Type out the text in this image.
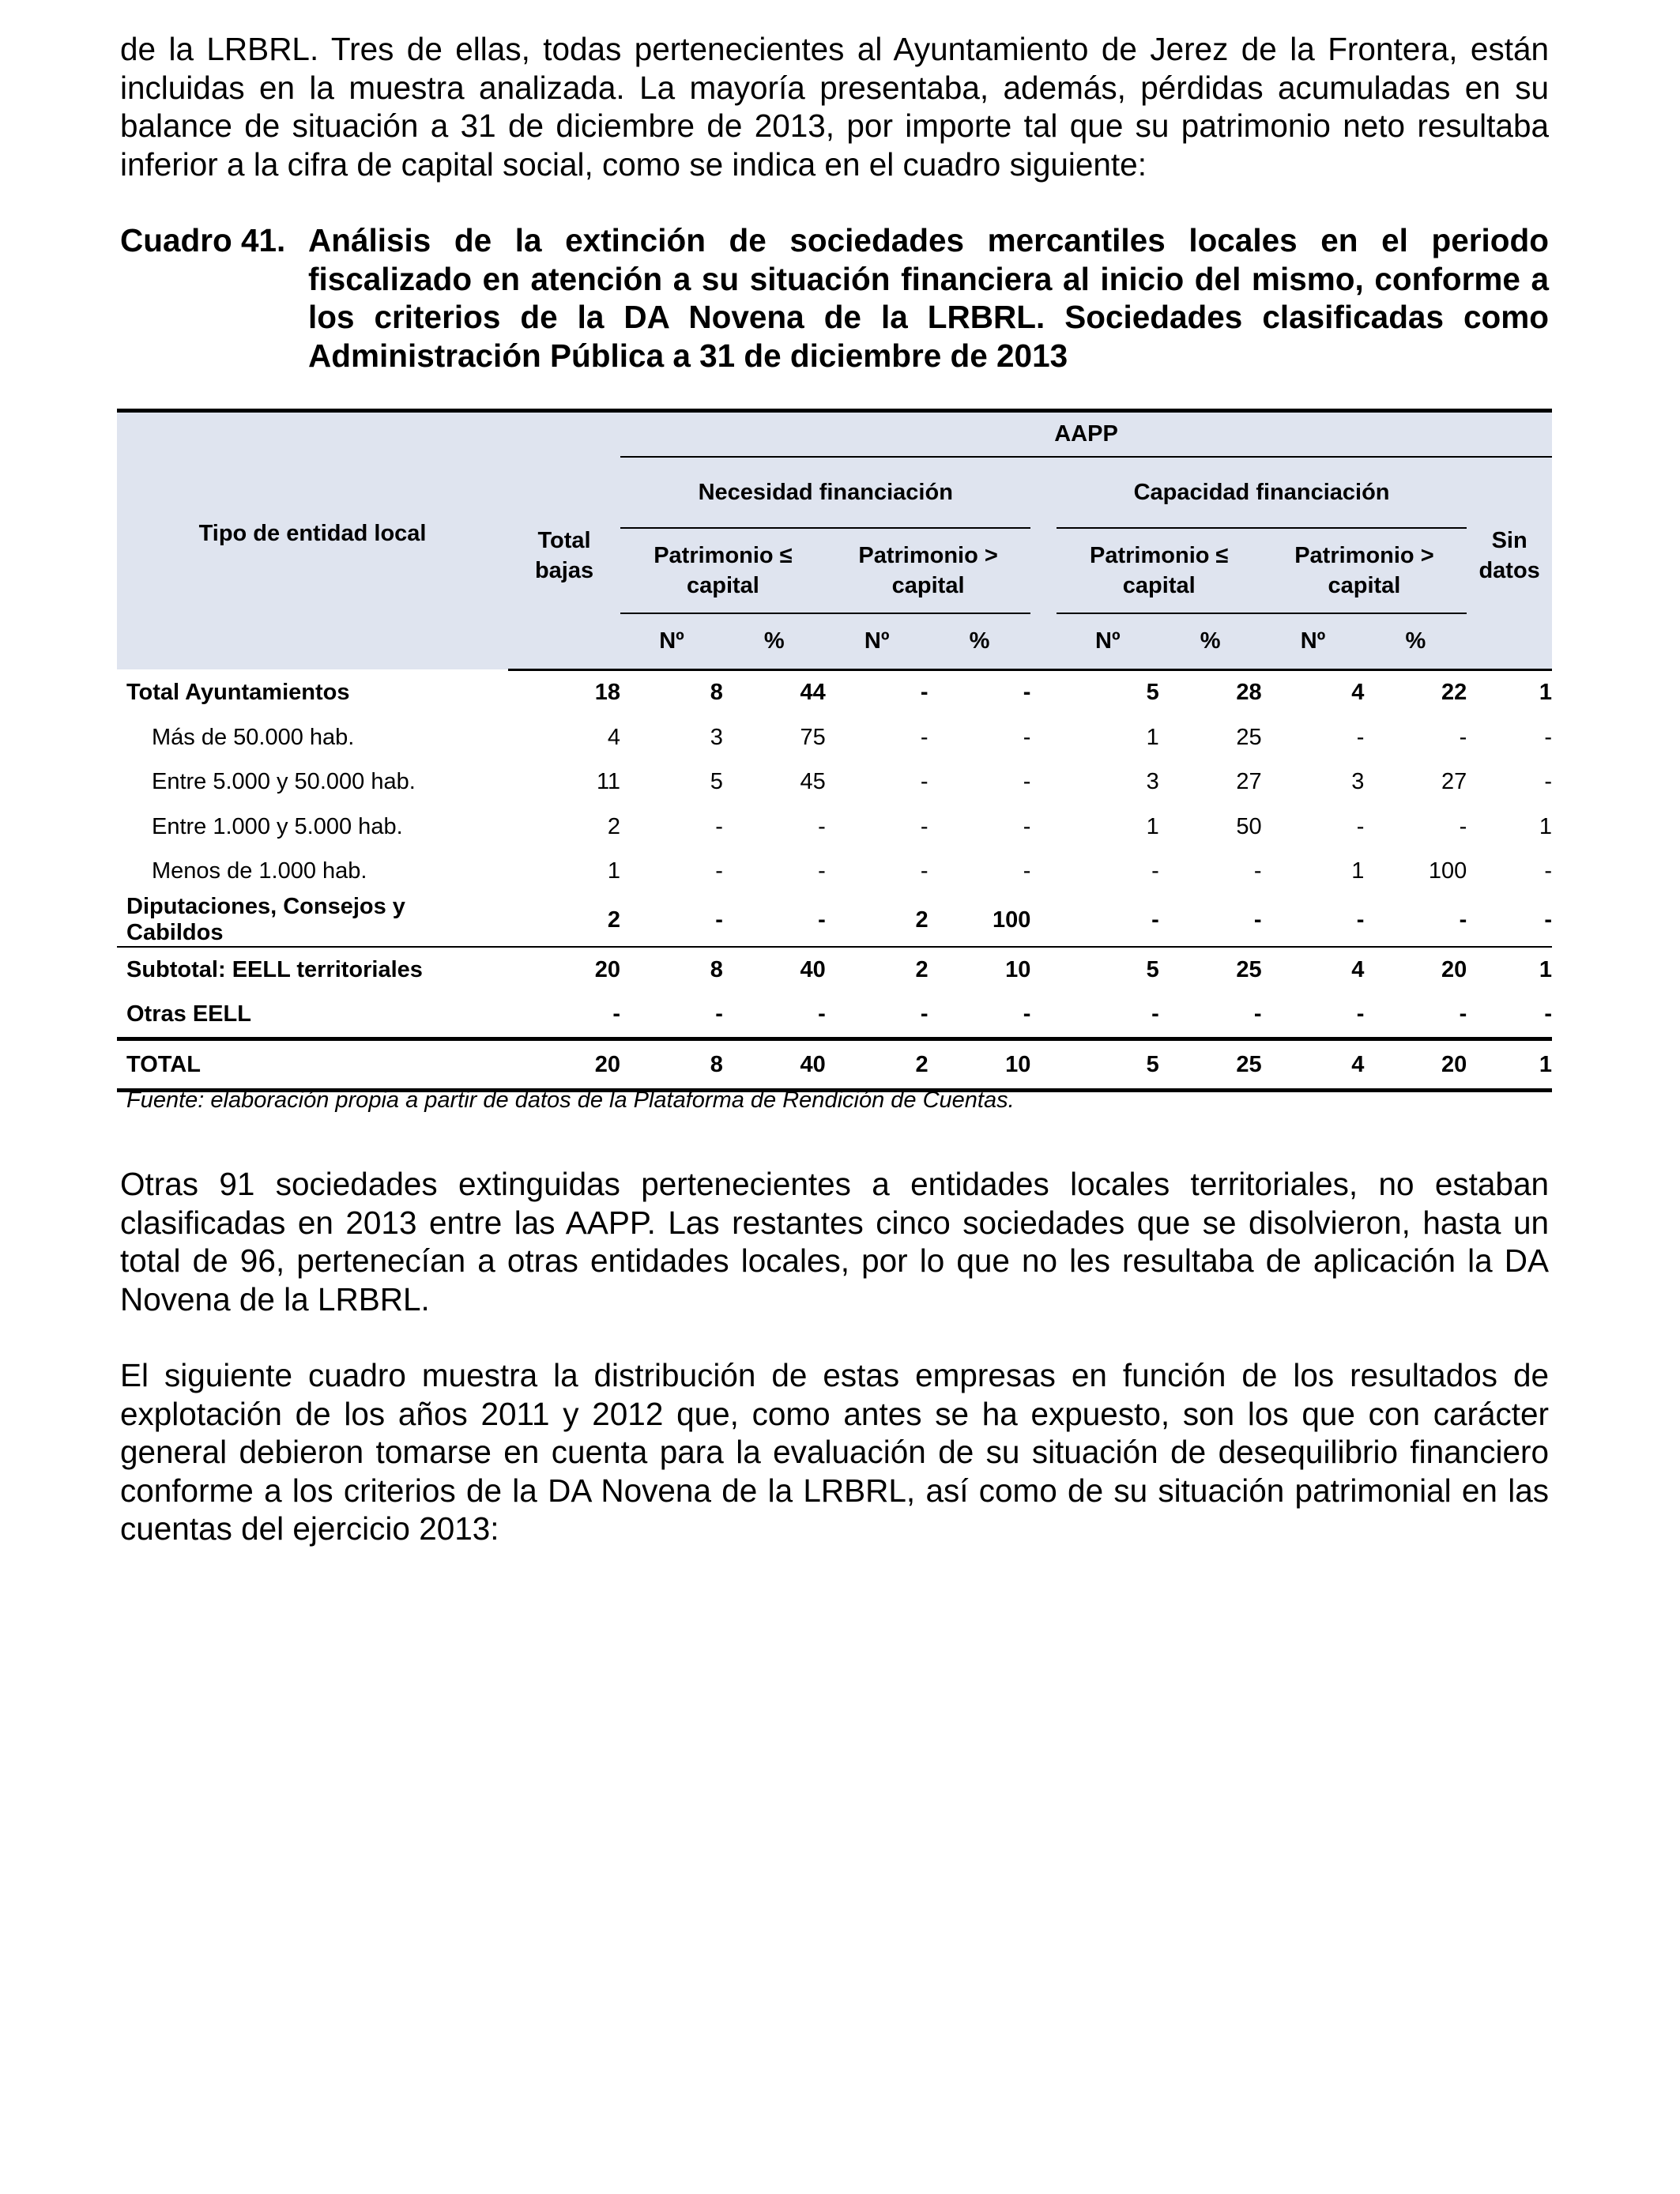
de la LRBRL. Tres de ellas, todas pertenecientes al Ayuntamiento de Jerez de la Frontera, están incluidas en la muestra analizada. La mayoría presentaba, además, pérdidas acumuladas en su balance de situación a 31 de diciembre de 2013, por importe tal que su patrimonio neto resultaba inferior a la cifra de capital social, como se indica en el cuadro siguiente:

Cuadro 41. Análisis de la extinción de sociedades mercantiles locales en el periodo fiscalizado en atención a su situación financiera al inicio del mismo, conforme a los criterios de la DA Novena de la LRBRL. Sociedades clasificadas como Administración Pública a 31 de diciembre de 2013
Tipo de entidad local		AAPP									
	Total bajas	Necesidad financiación					Capacidad financiación				Sin datos
		Patrimonio ≤ capital		Patrimonio > capital			Patrimonio ≤ capital		Patrimonio > capital		
		Nº	%	Nº	%		Nº	%	Nº	%	

Total Ayuntamientos	18	8	44	-	-		5	28	4	22	1
Más de 50.000 hab.	4	3	75	-	-		1	25	-	-	-
Entre 5.000 y 50.000 hab.	11	5	45	-	-		3	27	3	27	-
Entre 1.000 y 5.000 hab.	2	-	-	-	-		1	50	-	-	1
Menos de 1.000 hab.	1	-	-	-	-		-	-	1	100	-
Diputaciones, Consejos y Cabildos	2	-	-	2	100		-	-	-	-	-
Subtotal: EELL territoriales	20	8	40	2	10		5	25	4	20	1
Otras EELL	-	-	-	-	-		-	-	-	-	-
TOTAL	20	8	40	2	10		5	25	4	20	1
Fuente: elaboración propia a partir de datos de la Plataforma de Rendición de Cuentas.

Otras 91 sociedades extinguidas pertenecientes a entidades locales territoriales, no estaban clasificadas en 2013 entre las AAPP. Las restantes cinco sociedades que se disolvieron, hasta un total de 96, pertenecían a otras entidades locales, por lo que no les resultaba de aplicación la DA Novena de la LRBRL.

El siguiente cuadro muestra la distribución de estas empresas en función de los resultados de explotación de los años 2011 y 2012 que, como antes se ha expuesto, son los que con carácter general debieron tomarse en cuenta para la evaluación de su situación de desequilibrio financiero conforme a los criterios de la DA Novena de la LRBRL, así como de su situación patrimonial en las cuentas del ejercicio 2013:
